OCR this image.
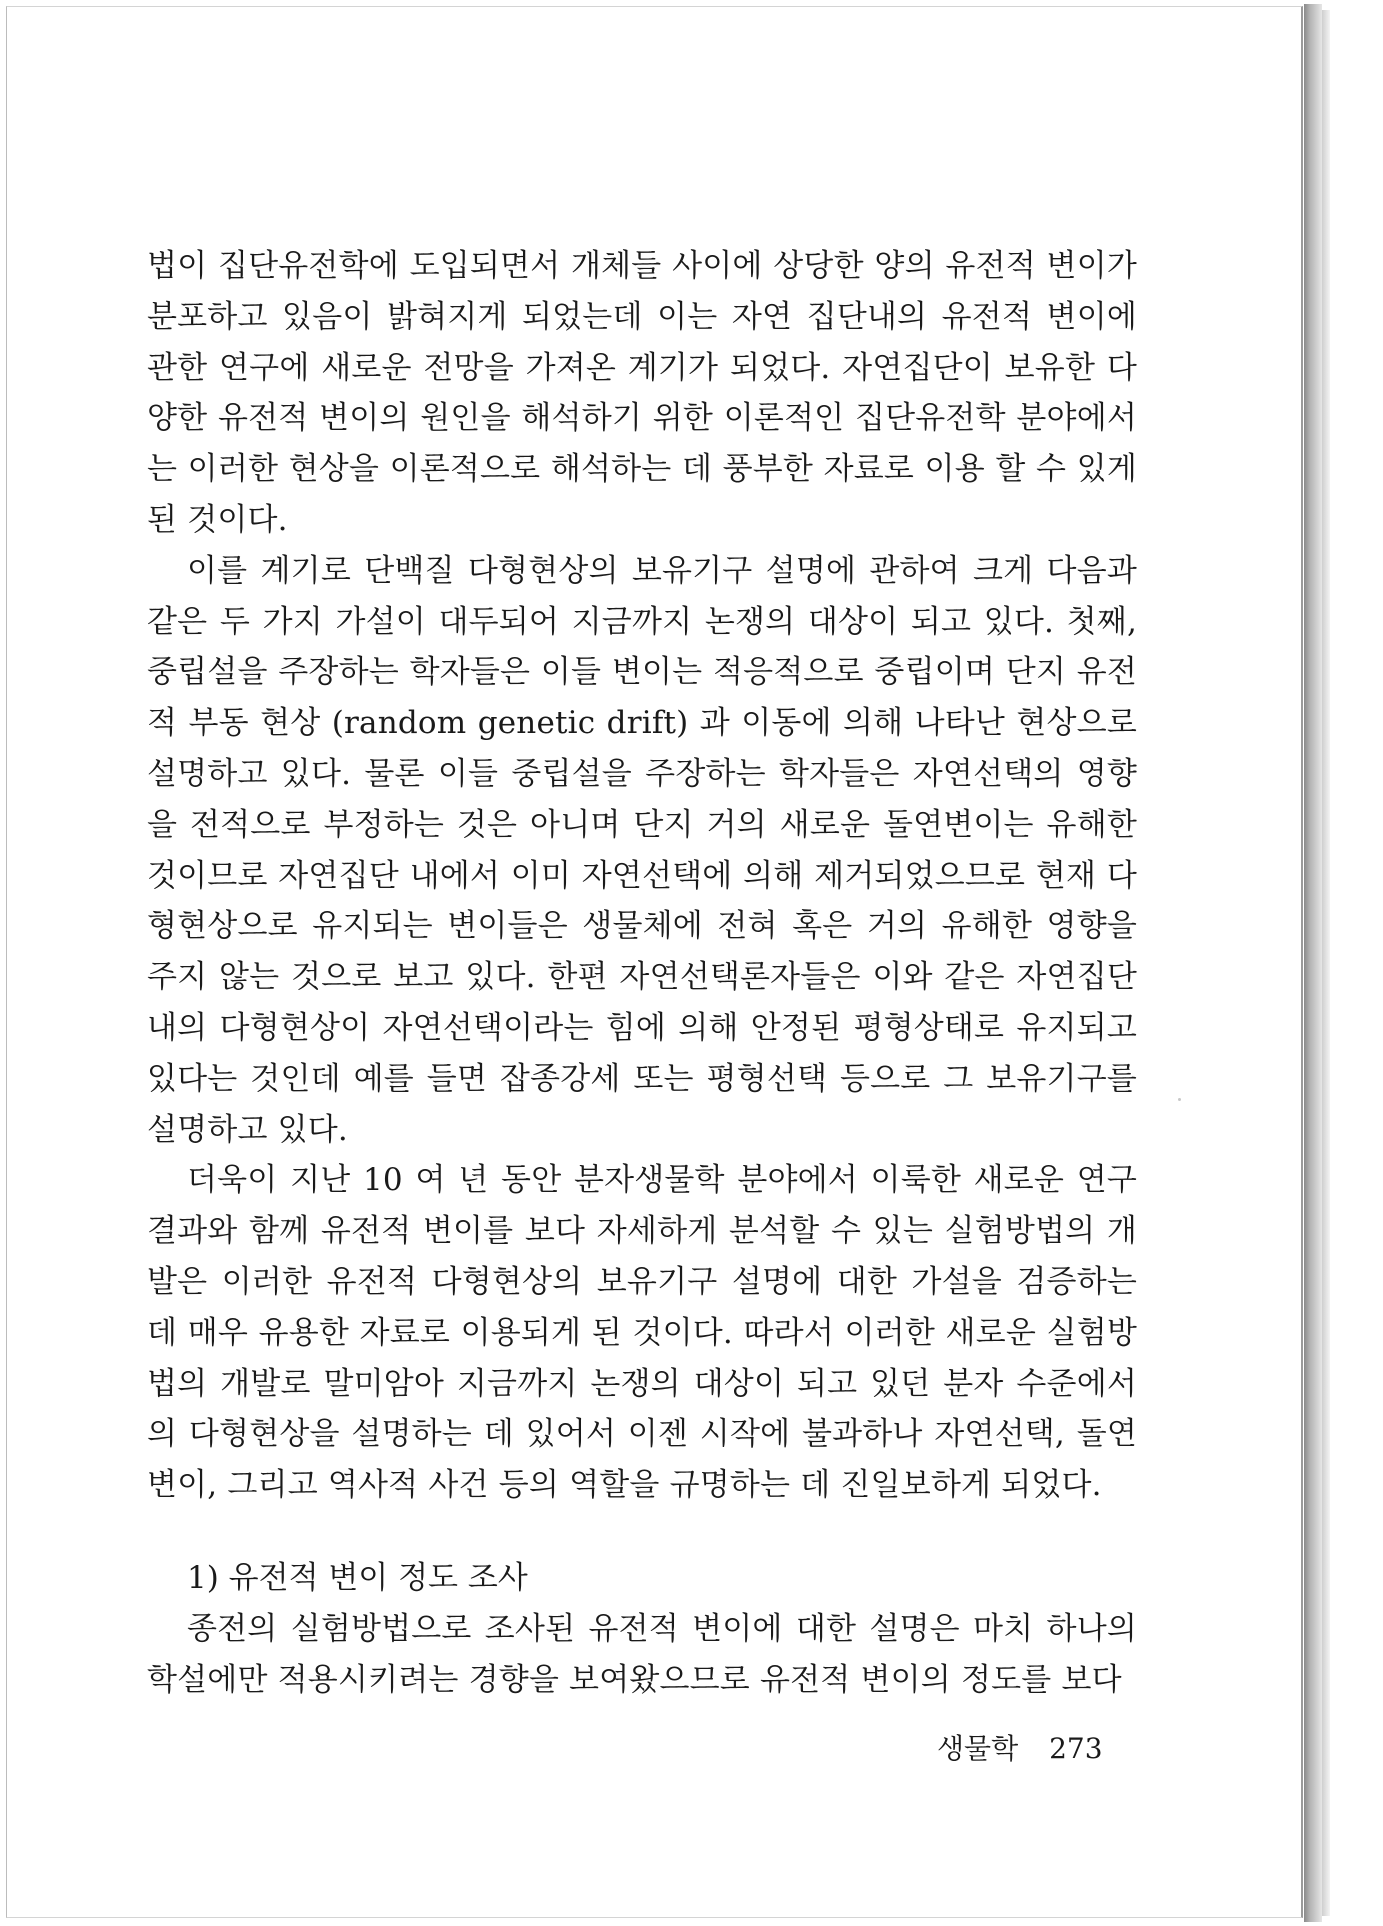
법이 집단유전학에 도입되면서 개체들 사이에 상당한 양의 유전적 변이가 분포하고 있음이 밝혀지게 되었는데 이는 자연 집단내의 유전적 변이에 관한 연구에 새로운 전망을 가져온 계기가 되었다. 자연집단이 보유한 다양한 유전적 변이의 원인을 해석하기 위한 이론적인 집단유전학 분야에서는 이러한 현상을 이론적으로 해석하는 데 풍부한 자료로 이용 할 수 있게 된 것이다.

이를 계기로 단백질 다형현상의 보유기구 설명에 관하여 크게 다음과 같은 두 가지 가설이 대두되어 지금까지 논쟁의 대상이 되고 있다. 첫째, 중립설을 주장하는 학자들은 이들 변이는 적응적으로 중립이며 단지 유전적 부동 현상 (random genetic drift) 과 이동에 의해 나타난 현상으로 설명하고 있다. 물론 이들 중립설을 주장하는 학자들은 자연선택의 영향을 전적으로 부정하는 것은 아니며 단지 거의 새로운 돌연변이는 유해한 것이므로 자연집단 내에서 이미 자연선택에 의해 제거되었으므로 현재 다형현상으로 유지되는 변이들은 생물체에 전혀 혹은 거의 유해한 영향을 주지 않는 것으로 보고 있다. 한편 자연선택론자들은 이와 같은 자연집단내의 다형현상이 자연선택이라는 힘에 의해 안정된 평형상태로 유지되고 있다는 것인데 예를 들면 잡종강세 또는 평형선택 등으로 그 보유기구를 설명하고 있다.

더욱이 지난 10 여 년 동안 분자생물학 분야에서 이룩한 새로운 연구결과와 함께 유전적 변이를 보다 자세하게 분석할 수 있는 실험방법의 개발은 이러한 유전적 다형현상의 보유기구 설명에 대한 가설을 검증하는 데 매우 유용한 자료로 이용되게 된 것이다. 따라서 이러한 새로운 실험방법의 개발로 말미암아 지금까지 논쟁의 대상이 되고 있던 분자 수준에서의 다형현상을 설명하는 데 있어서 이젠 시작에 불과하나 자연선택, 돌연변이, 그리고 역사적 사건 등의 역할을 규명하는 데 진일보하게 되었다.

1) 유전적 변이 정도 조사

종전의 실험방법으로 조사된 유전적 변이에 대한 설명은 마치 하나의 학설에만 적용시키려는 경향을 보여왔으므로 유전적 변이의 정도를 보다

생물학 273
